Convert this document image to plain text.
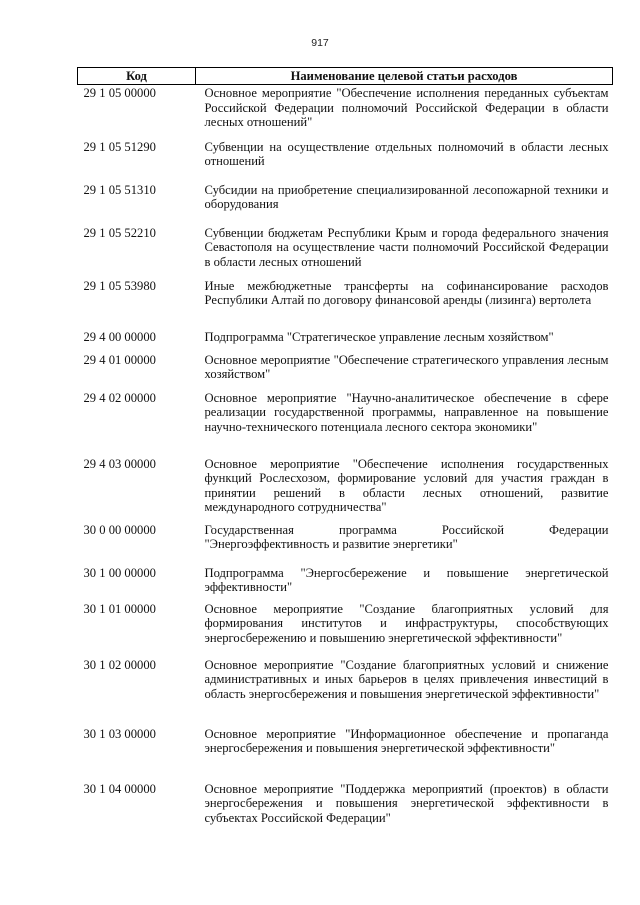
917
Код	Наименование целевой статьи расходов
29 1 05 00000	Основное мероприятие "Обеспечение исполнения переданных субъектам Российской Федерации полномочий Российской Федерации в области лесных отношений"
29 1 05 51290	Субвенции на осуществление отдельных полномочий в области лесных отношений
29 1 05 51310	Субсидии на приобретение специализированной лесопожарной техники и оборудования
29 1 05 52210	Субвенции бюджетам Республики Крым и города федерального значения Севастополя на осуществление части полномочий Российской Федерации в области лесных отношений
29 1 05 53980	Иные межбюджетные трансферты на софинансирование расходов Республики Алтай по договору финансовой аренды (лизинга) вертолета
29 4 00 00000	Подпрограмма "Стратегическое управление лесным хозяйством"
29 4 01 00000	Основное мероприятие "Обеспечение стратегического управления лесным хозяйством"
29 4 02 00000	Основное мероприятие "Научно-аналитическое обеспечение в сфере реализации государственной программы, направленное на повышение научно-технического потенциала лесного сектора экономики"
29 4 03 00000	Основное мероприятие "Обеспечение исполнения государственных функций Рослесхозом, формирование условий для участия граждан в принятии решений в области лесных отношений, развитие международного сотрудничества"
30 0 00 00000	Государственная программа Российской Федерации "Энергоэффективность и развитие энергетики"
30 1 00 00000	Подпрограмма "Энергосбережение и повышение энергетической эффективности"
30 1 01 00000	Основное мероприятие "Создание благоприятных условий для формирования институтов и инфраструктуры, способствующих энергосбережению и повышению энергетической эффективности"
30 1 02 00000	Основное мероприятие "Создание благоприятных условий и снижение административных и иных барьеров в целях привлечения инвестиций в область энергосбережения и повышения энергетической эффективности"
30 1 03 00000	Основное мероприятие "Информационное обеспечение и пропаганда энергосбережения и повышения энергетической эффективности"
30 1 04 00000	Основное мероприятие "Поддержка мероприятий (проектов) в области энергосбережения и повышения энергетической эффективности в субъектах Российской Федерации"
